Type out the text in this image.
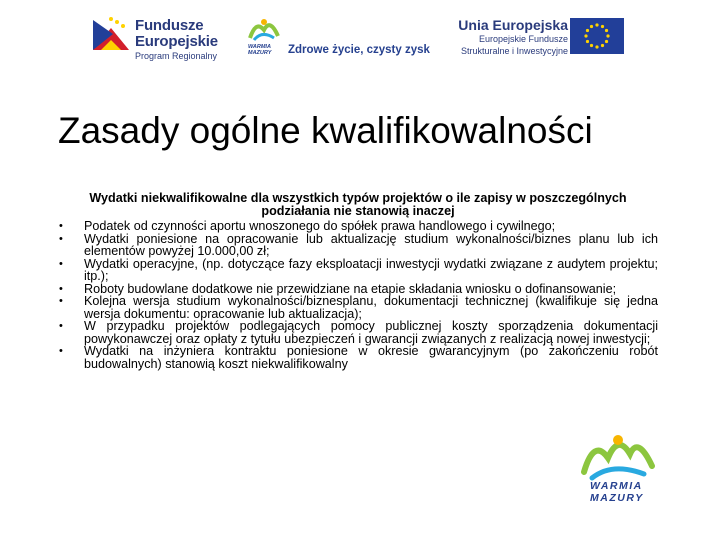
Fundusze
Europejskie
Program Regionalny
WARMIA MAZURY	Zdrowe życie, czysty zysk
Unia Europejska
Europejskie Fundusze
Strukturalne i Inwestycyjne
Zasady ogólne kwalifikowalności

Wydatki niekwalifikowalne dla wszystkich typów projektów o ile zapisy w poszczególnych podziałania nie stanowią inaczej

• Podatek od czynności aportu wnoszonego do spółek prawa handlowego i cywilnego;
• Wydatki poniesione na opracowanie lub aktualizację studium wykonalności/biznes planu lub ich elementów powyżej 10.000,00 zł;
• Wydatki operacyjne, (np. dotyczące fazy eksploatacji inwestycji wydatki związane z audytem projektu; itp.);
• Roboty budowlane dodatkowe nie przewidziane na etapie składania wniosku o dofinansowanie;
• Kolejna wersja studium wykonalności/biznesplanu, dokumentacji technicznej (kwalifikuje się jedna wersja dokumentu: opracowanie lub aktualizacja);
• W przypadku projektów podlegających pomocy publicznej koszty sporządzenia dokumentacji powykonawczej oraz opłaty z tytułu ubezpieczeń i gwarancji związanych z realizacją nowej inwestycji;
• Wydatki na inżyniera kontraktu poniesione w okresie gwarancyjnym (po zakończeniu robót budowalnych) stanowią koszt niekwalifikowalny
WARMIA
MAZURY
